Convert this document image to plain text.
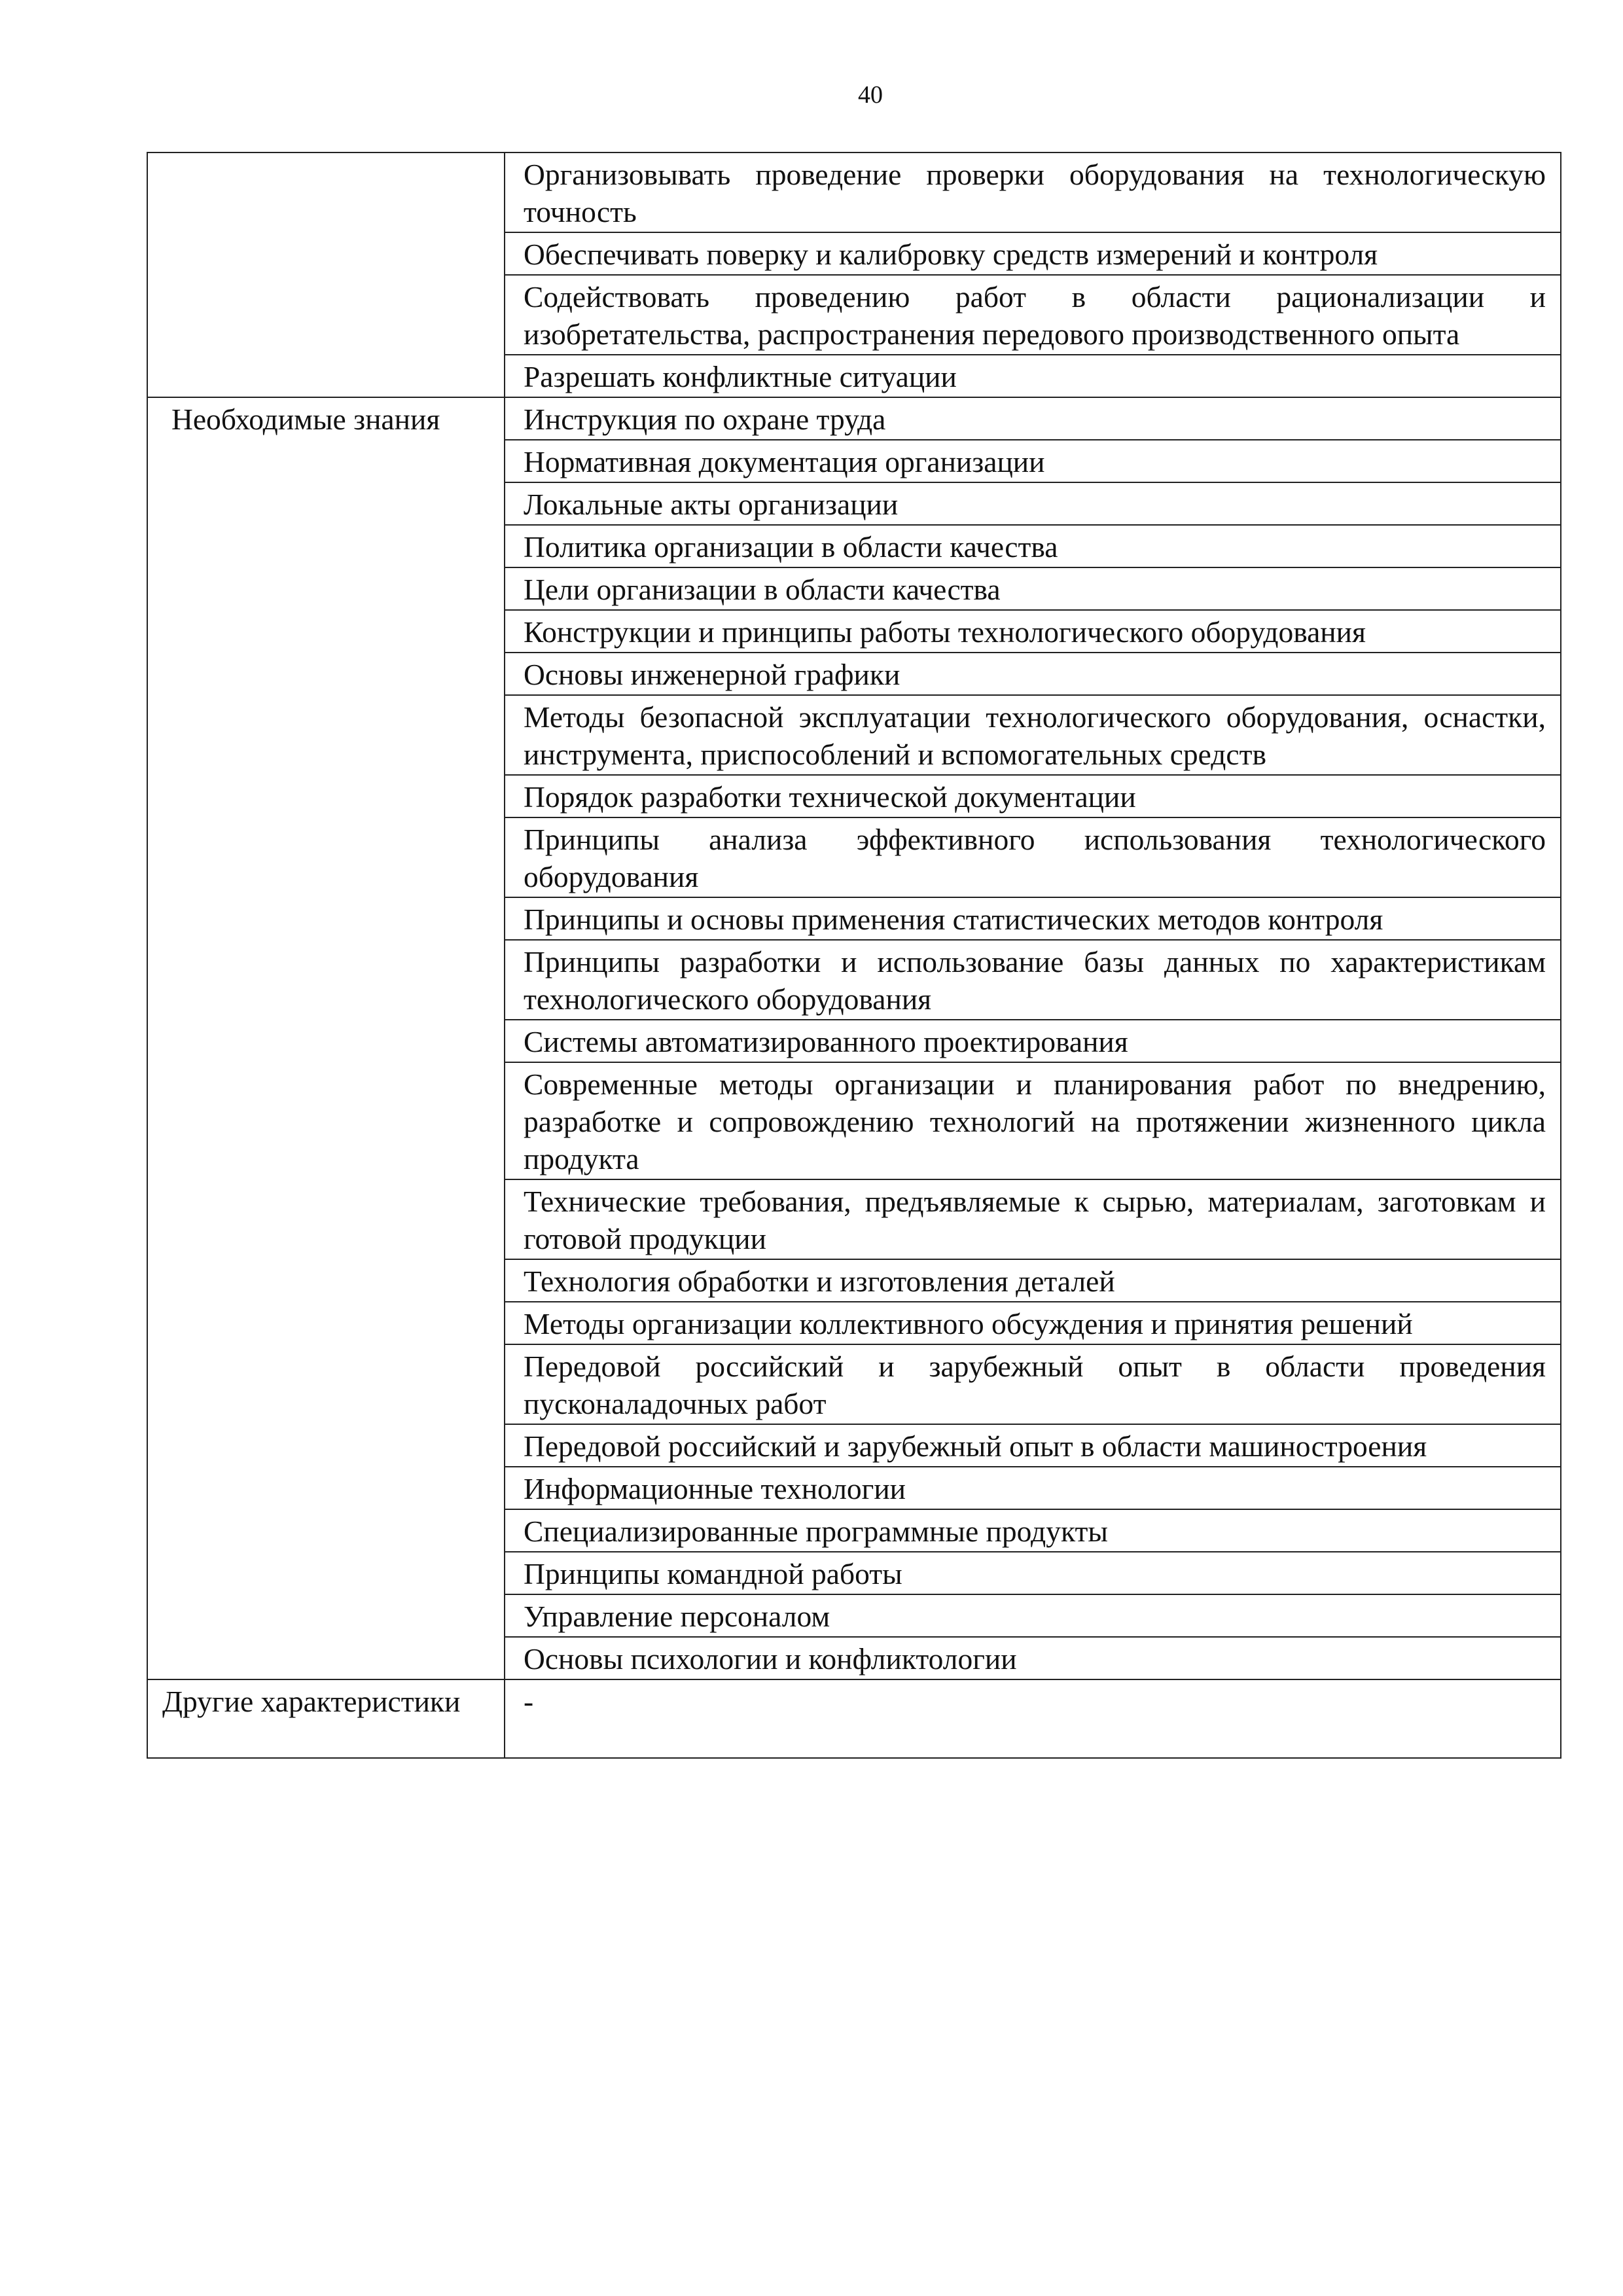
40
	Организовывать проведение проверки оборудования на технологическую точность
	Обеспечивать поверку и калибровку средств измерений и контроля
	Содействовать проведению работ в области рационализации и изобретательства, распространения передового производственного опыта
	Разрешать конфликтные ситуации
Необходимые знания	Инструкция по охране труда
	Нормативная документация организации
	Локальные акты организации
	Политика организации в области качества
	Цели организации в области качества
	Конструкции и принципы работы технологического оборудования
	Основы инженерной графики
	Методы безопасной эксплуатации технологического оборудования, оснастки, инструмента, приспособлений и вспомогательных средств
	Порядок разработки технической документации
	Принципы анализа эффективного использования технологического оборудования
	Принципы и основы применения статистических методов контроля
	Принципы разработки и использование базы данных по характеристикам технологического оборудования
	Системы автоматизированного проектирования
	Современные методы организации и планирования работ по внедрению, разработке и сопровождению технологий на протяжении жизненного цикла продукта
	Технические требования, предъявляемые к сырью, материалам, заготовкам и готовой продукции
	Технология обработки и изготовления деталей
	Методы организации коллективного обсуждения и принятия решений
	Передовой российский и зарубежный опыт в области проведения пусконаладочных работ
	Передовой российский и зарубежный опыт в области машиностроения
	Информационные технологии
	Специализированные программные продукты
	Принципы командной работы
	Управление персоналом
	Основы психологии и конфликтологии
Другие характеристики	-
